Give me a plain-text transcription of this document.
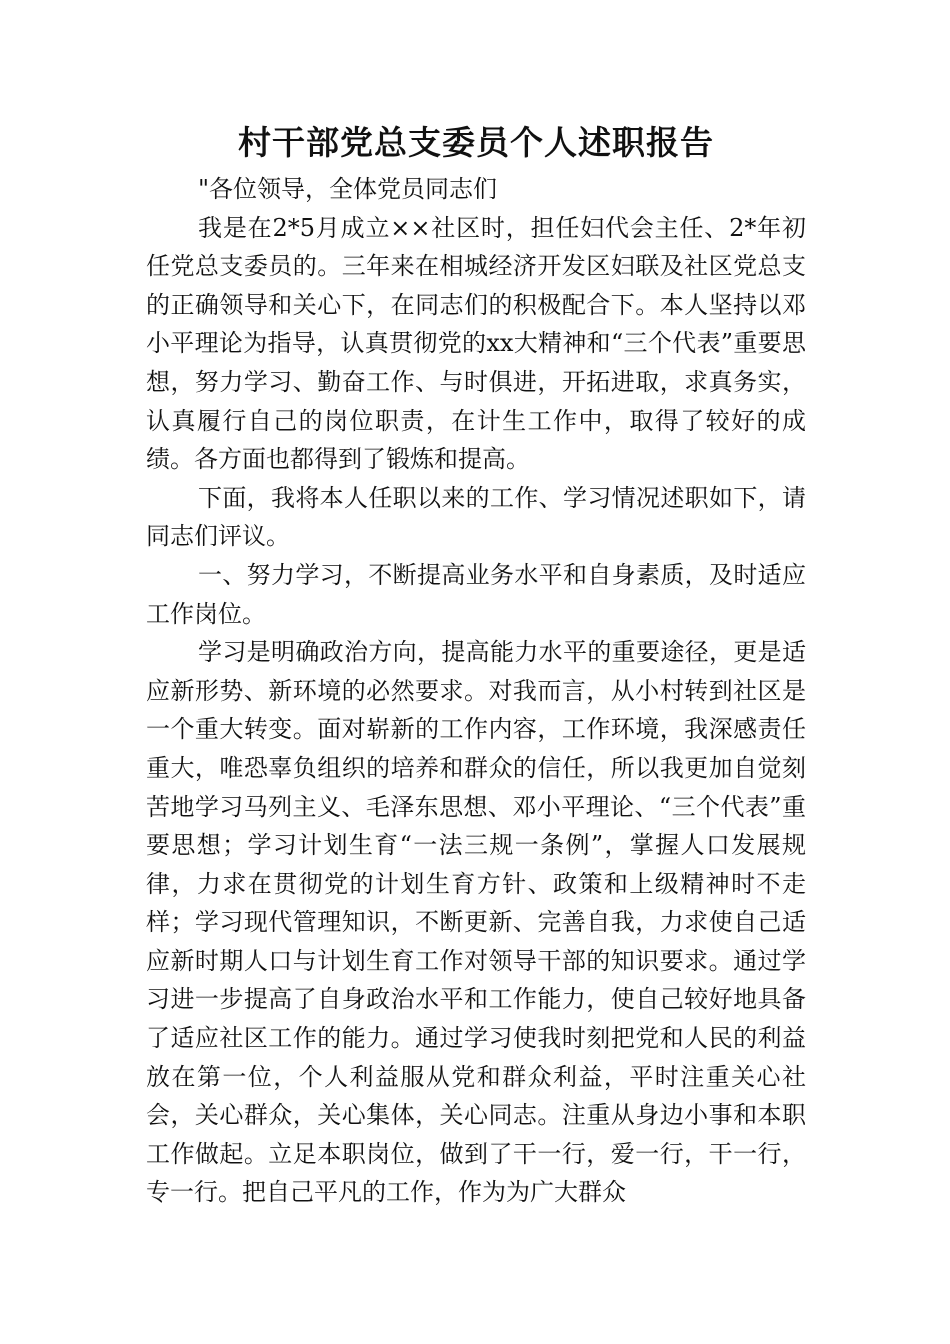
村干部党总支委员个人述职报告

"各位领导，全体党员同志们

我是在2*5月成立××社区时，担任妇代会主任、2*年初任党总支委员的。三年来在相城经济开发区妇联及社区党总支的正确领导和关心下，在同志们的积极配合下。本人坚持以邓小平理论为指导，认真贯彻党的xx大精神和“三个代表”重要思想，努力学习、勤奋工作、与时俱进，开拓进取，求真务实，认真履行自己的岗位职责，在计生工作中，取得了较好的成绩。各方面也都得到了锻炼和提高。

下面，我将本人任职以来的工作、学习情况述职如下，请同志们评议。

一、努力学习，不断提高业务水平和自身素质，及时适应工作岗位。

学习是明确政治方向，提高能力水平的重要途径，更是适应新形势、新环境的必然要求。对我而言，从小村转到社区是一个重大转变。面对崭新的工作内容，工作环境，我深感责任重大，唯恐辜负组织的培养和群众的信任，所以我更加自觉刻苦地学习马列主义、毛泽东思想、邓小平理论、“三个代表”重要思想；学习计划生育“一法三规一条例”，掌握人口发展规律，力求在贯彻党的计划生育方针、政策和上级精神时不走样；学习现代管理知识，不断更新、完善自我，力求使自己适应新时期人口与计划生育工作对领导干部的知识要求。通过学习进一步提高了自身政治水平和工作能力，使自己较好地具备了适应社区工作的能力。通过学习使我时刻把党和人民的利益放在第一位，个人利益服从党和群众利益，平时注重关心社会，关心群众，关心集体，关心同志。注重从身边小事和本职工作做起。立足本职岗位，做到了干一行，爱一行，干一行，专一行。把自己平凡的工作，作为为广大群众
